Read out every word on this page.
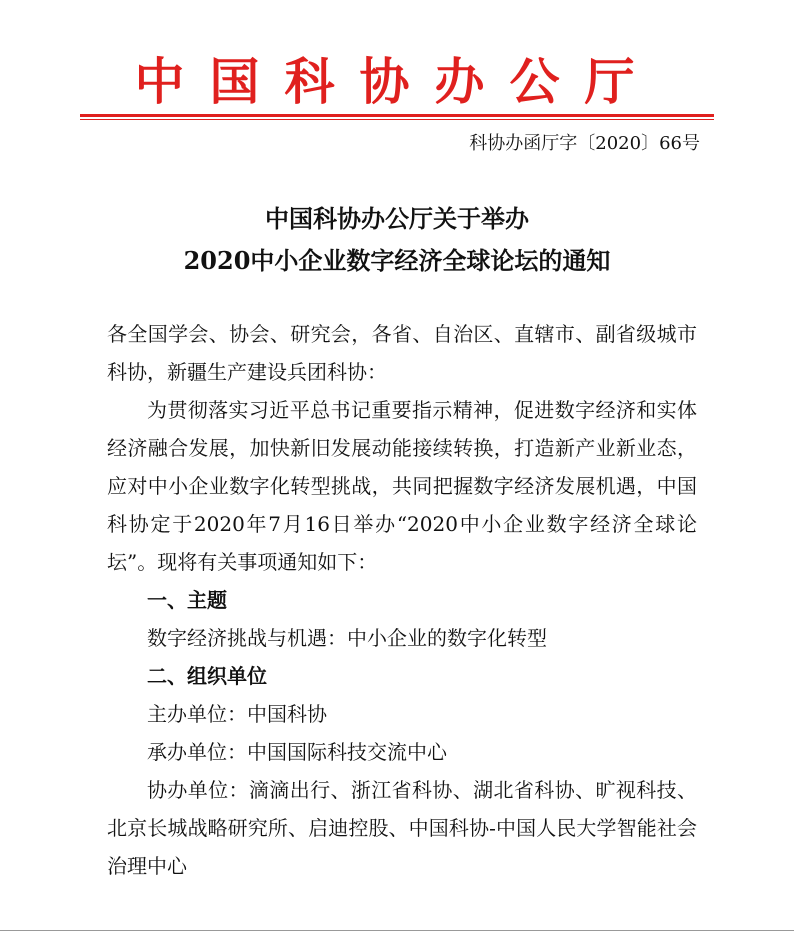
中国科协办公厅
科协办函厅字〔2020〕66号
中国科协办公厅关于举办
2020中小企业数字经济全球论坛的通知

各全国学会、协会、研究会，各省、自治区、直辖市、副省级城市科协，新疆生产建设兵团科协：

为贯彻落实习近平总书记重要指示精神，促进数字经济和实体经济融合发展，加快新旧发展动能接续转换，打造新产业新业态，应对中小企业数字化转型挑战，共同把握数字经济发展机遇，中国科协定于2020年7月16日举办“2020中小企业数字经济全球论坛”。现将有关事项通知如下：

一、主题

数字经济挑战与机遇：中小企业的数字化转型

二、组织单位

主办单位：中国科协

承办单位：中国国际科技交流中心

协办单位：滴滴出行、浙江省科协、湖北省科协、旷视科技、北京长城战略研究所、启迪控股、中国科协-中国人民大学智能社会治理中心
